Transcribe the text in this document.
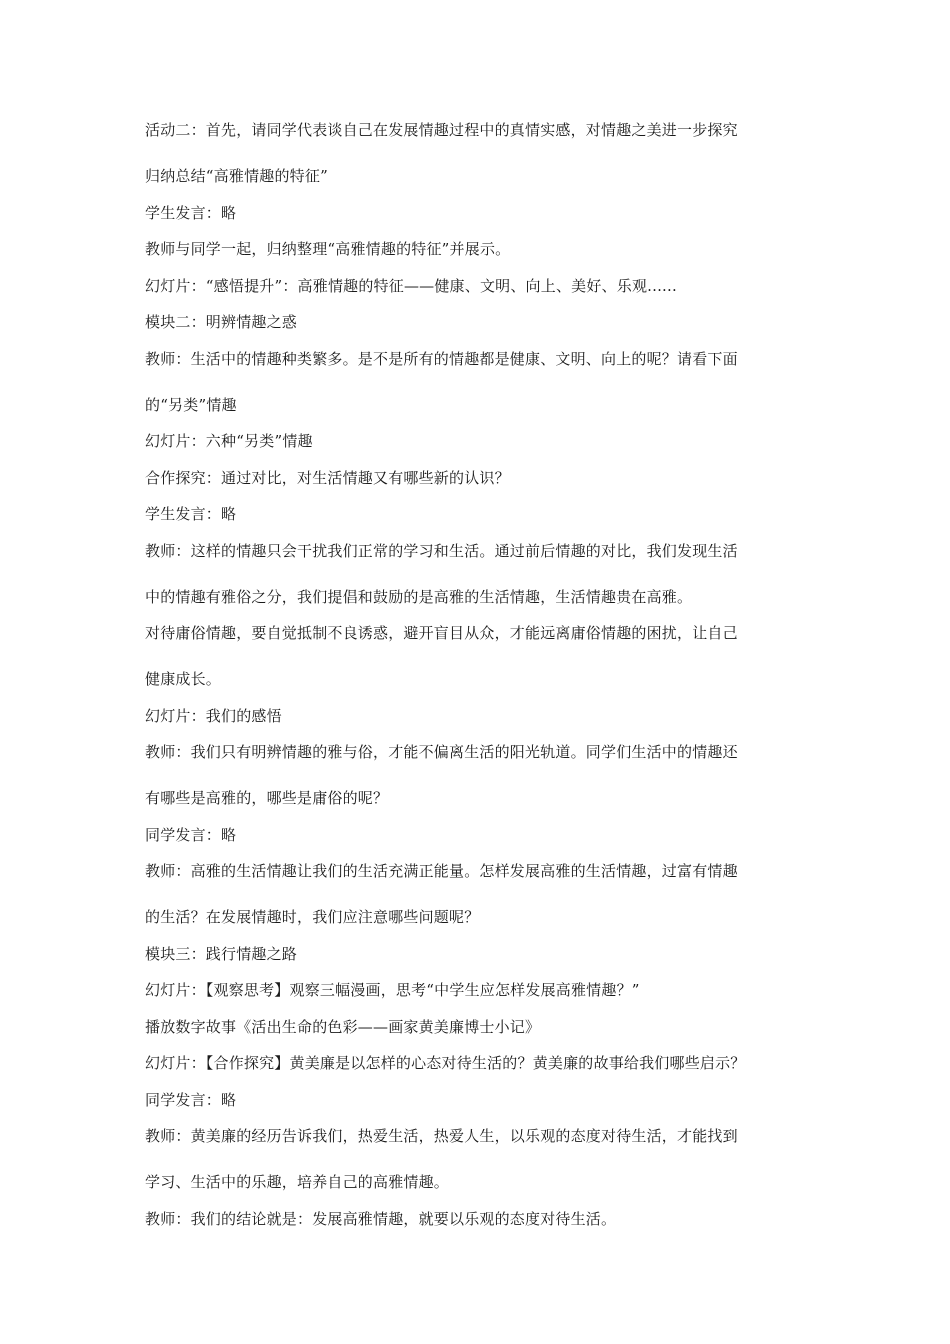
活动二：首先，请同学代表谈自己在发展情趣过程中的真情实感，对情趣之美进一步探究
归纳总结“高雅情趣的特征”
学生发言：略
教师与同学一起，归纳整理“高雅情趣的特征”并展示。
幻灯片：“感悟提升”：高雅情趣的特征——健康、文明、向上、美好、乐观......
模块二：明辨情趣之惑
教师：生活中的情趣种类繁多。是不是所有的情趣都是健康、文明、向上的呢？请看下面
的“另类”情趣
幻灯片：六种“另类”情趣
合作探究：通过对比，对生活情趣又有哪些新的认识？
学生发言：略
教师：这样的情趣只会干扰我们正常的学习和生活。通过前后情趣的对比，我们发现生活
中的情趣有雅俗之分，我们提倡和鼓励的是高雅的生活情趣，生活情趣贵在高雅。
对待庸俗情趣，要自觉抵制不良诱惑，避开盲目从众，才能远离庸俗情趣的困扰，让自己
健康成长。
幻灯片：我们的感悟
教师：我们只有明辨情趣的雅与俗，才能不偏离生活的阳光轨道。同学们生活中的情趣还
有哪些是高雅的，哪些是庸俗的呢？
同学发言：略
教师：高雅的生活情趣让我们的生活充满正能量。怎样发展高雅的生活情趣，过富有情趣
的生活？在发展情趣时，我们应注意哪些问题呢？
模块三：践行情趣之路
幻灯片：【观察思考】观察三幅漫画，思考“中学生应怎样发展高雅情趣？”
播放数字故事《活出生命的色彩——画家黄美廉博士小记》
幻灯片：【合作探究】黄美廉是以怎样的心态对待生活的？黄美廉的故事给我们哪些启示？
同学发言：略
教师：黄美廉的经历告诉我们，热爱生活，热爱人生，以乐观的态度对待生活，才能找到
学习、生活中的乐趣，培养自己的高雅情趣。
教师：我们的结论就是：发展高雅情趣，就要以乐观的态度对待生活。
